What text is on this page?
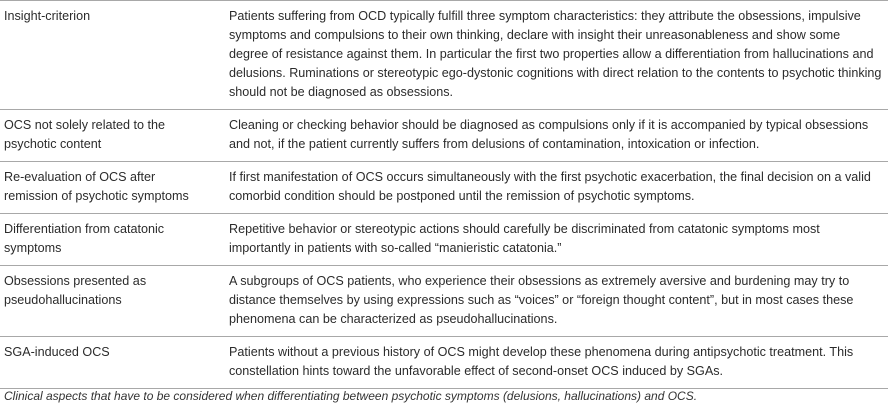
Insight-criterion	Patients suffering from OCD typically fulfill three symptom characteristics: they attribute the obsessions, impulsive symptoms and compulsions to their own thinking, declare with insight their unreasonableness and show some degree of resistance against them. In particular the first two properties allow a differentiation from hallucinations and delusions. Ruminations or stereotypic ego-dystonic cognitions with direct relation to the contents to psychotic thinking should not be diagnosed as obsessions.
OCS not solely related to the psychotic content	Cleaning or checking behavior should be diagnosed as compulsions only if it is accompanied by typical obsessions and not, if the patient currently suffers from delusions of contamination, intoxication or infection.
Re-evaluation of OCS after remission of psychotic symptoms	If first manifestation of OCS occurs simultaneously with the first psychotic exacerbation, the final decision on a valid comorbid condition should be postponed until the remission of psychotic symptoms.
Differentiation from catatonic symptoms	Repetitive behavior or stereotypic actions should carefully be discriminated from catatonic symptoms most importantly in patients with so-called “manieristic catatonia.”
Obsessions presented as pseudohallucinations	A subgroups of OCS patients, who experience their obsessions as extremely aversive and burdening may try to distance themselves by using expressions such as “voices” or “foreign thought content”, but in most cases these phenomena can be characterized as pseudohallucinations.
SGA-induced OCS	Patients without a previous history of OCS might develop these phenomena during antipsychotic treatment. This constellation hints toward the unfavorable effect of second-onset OCS induced by SGAs.
Clinical aspects that have to be considered when differentiating between psychotic symptoms (delusions, hallucinations) and OCS.
